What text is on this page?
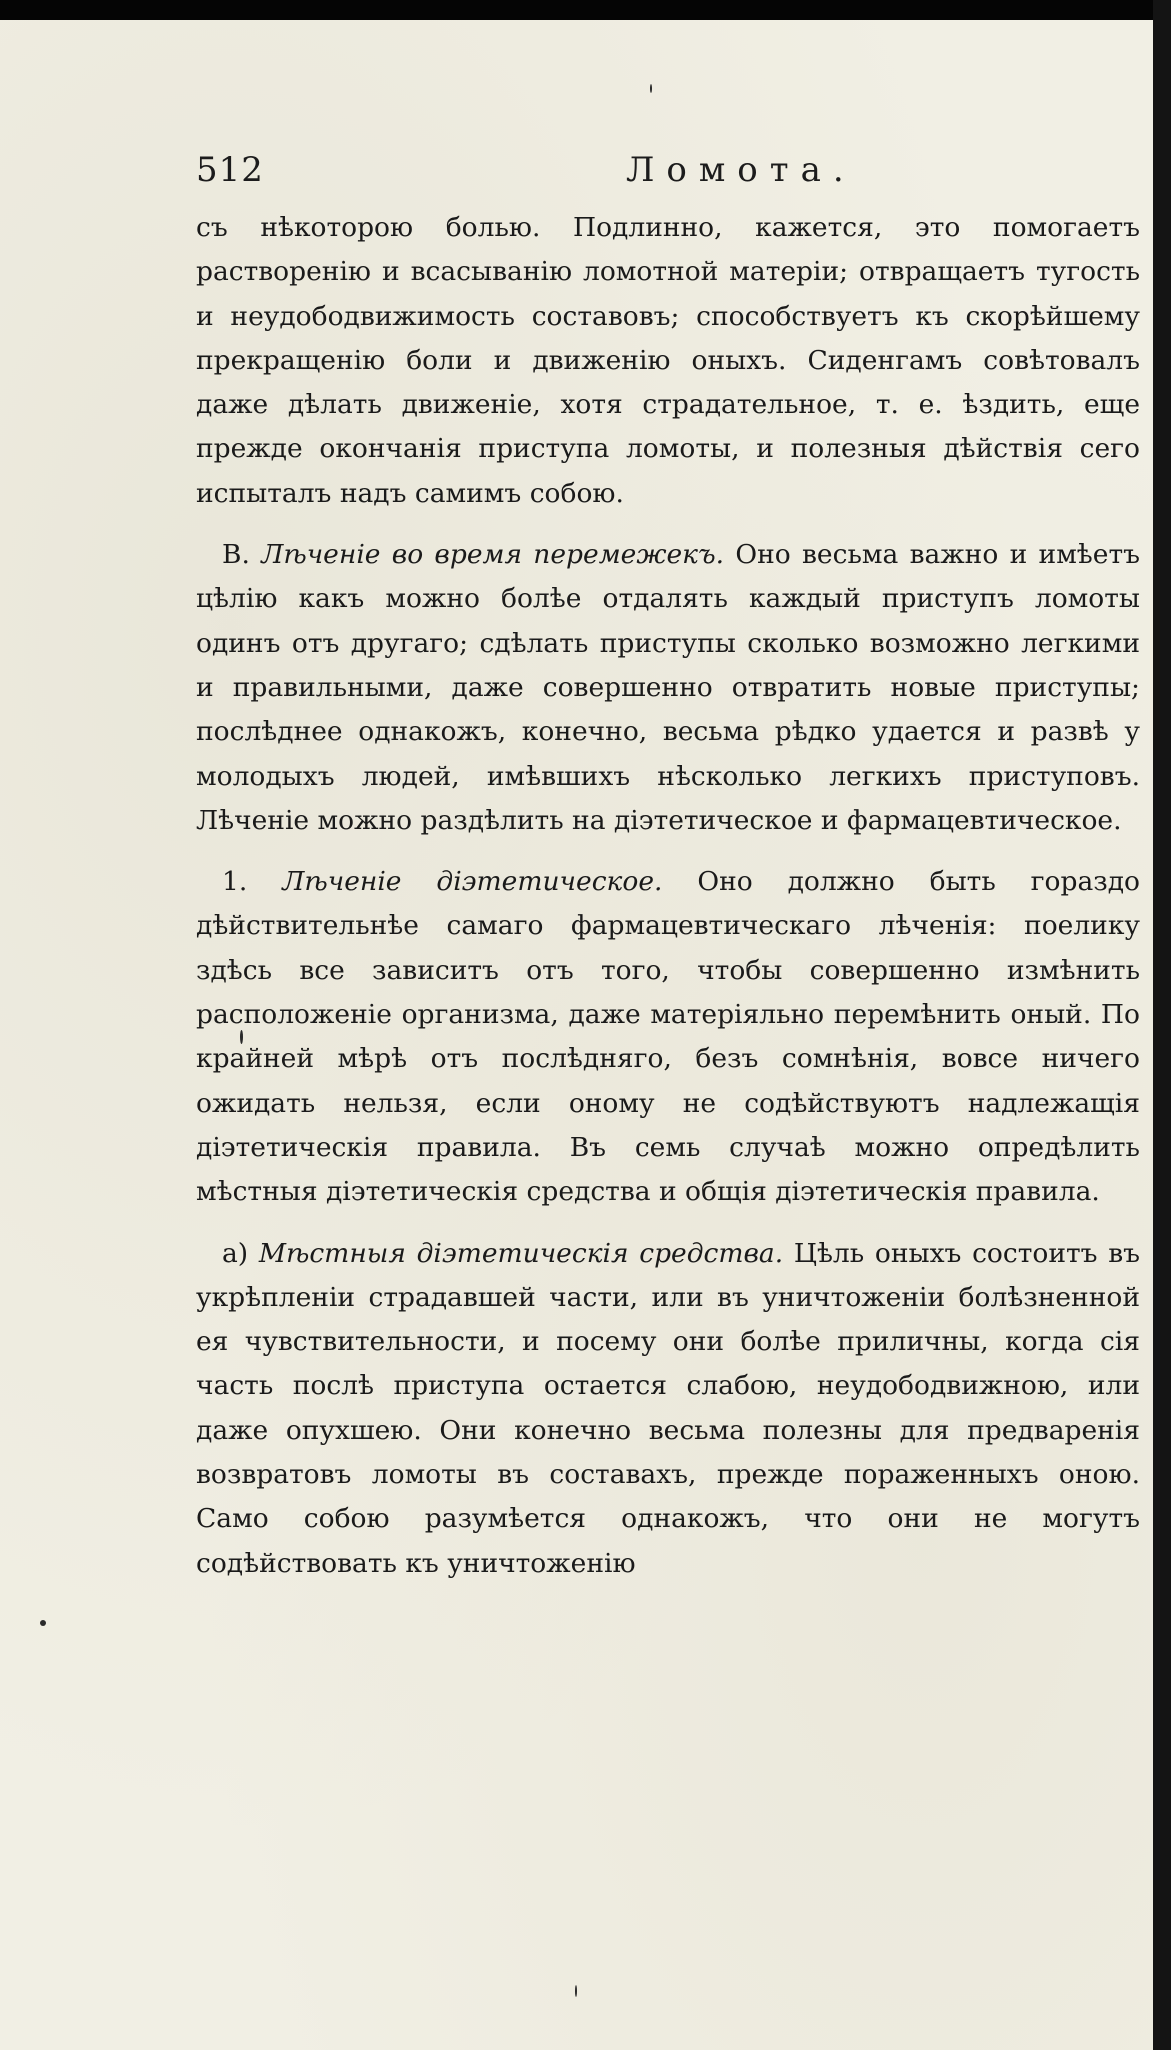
512	Ломота.

съ нѣкоторою болью. Подлинно, кажется, это помогаетъ растворенію и всасыванію ломотной матеріи; отвращаетъ тугость и неудободвижимость составовъ; способствуетъ къ скорѣйшему прекращенію боли и движенію оныхъ. Сиденгамъ совѣтовалъ даже дѣлать движеніе, хотя страдательное, т. е. ѣздить, еще прежде окончанія приступа ломоты, и полезныя дѣйствія сего испыталъ надъ самимъ собою.

В. Лѣченіе во время перемежекъ. Оно весьма важно и имѣетъ цѣлію какъ можно болѣе отдалять каждый приступъ ломоты одинъ отъ другаго; сдѣлать приступы сколько возможно легкими и правильными, даже совершенно отвратить новые приступы; послѣднее однакожъ, конечно, весьма рѣдко удается и развѣ у молодыхъ людей, имѣвшихъ нѣсколько легкихъ приступовъ. Лѣченіе можно раздѣлить на діэтетическое и фармацевтическое.

1. Лѣченіе діэтетическое. Оно должно быть гораздо дѣйствительнѣе самаго фармацевтическаго лѣченія: поелику здѣсь все зависитъ отъ того, чтобы совершенно измѣнить расположеніе организма, даже матеріяльно перемѣнить оный. По крайней мѣрѣ отъ послѣдняго, безъ сомнѣнія, вовсе ничего ожидать нельзя, если оному не содѣйствуютъ надлежащія діэтетическія правила. Въ семь случаѣ можно опредѣлить мѣстныя діэтетическія средства и общія діэтетическія правила.

а) Мѣстныя діэтетическія средства. Цѣль оныхъ состоитъ въ укрѣпленіи страдавшей части, или въ уничтоженіи болѣзненной ея чувствительности, и посему они болѣе приличны, когда сія часть послѣ приступа остается слабою, неудободвижною, или даже опухшею. Они конечно весьма полезны для предваренія возвратовъ ломоты въ составахъ, прежде пораженныхъ оною. Само собою разумѣется однакожъ, что они не могутъ содѣйствовать къ уничтоженію
